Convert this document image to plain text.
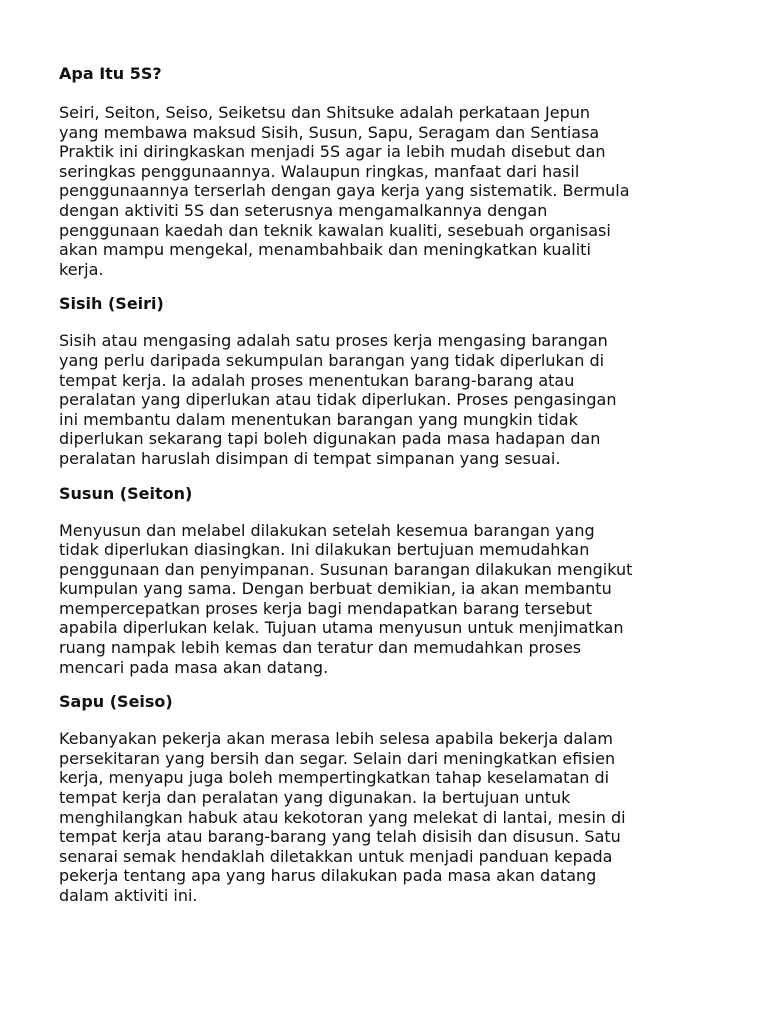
Apa Itu 5S?
Seiri, Seiton, Seiso, Seiketsu dan Shitsuke adalah perkataan Jepun
yang membawa maksud Sisih, Susun, Sapu, Seragam dan Sentiasa
Praktik ini diringkaskan menjadi 5S agar ia lebih mudah disebut dan
seringkas penggunaannya. Walaupun ringkas, manfaat dari hasil
penggunaannya terserlah dengan gaya kerja yang sistematik. Bermula
dengan aktiviti 5S dan seterusnya mengamalkannya dengan
penggunaan kaedah dan teknik kawalan kualiti, sesebuah organisasi
akan mampu mengekal, menambahbaik dan meningkatkan kualiti
kerja.
Sisih (Seiri)
Sisih atau mengasing adalah satu proses kerja mengasing barangan
yang perlu daripada sekumpulan barangan yang tidak diperlukan di
tempat kerja. Ia adalah proses menentukan barang-barang atau
peralatan yang diperlukan atau tidak diperlukan. Proses pengasingan
ini membantu dalam menentukan barangan yang mungkin tidak
diperlukan sekarang tapi boleh digunakan pada masa hadapan dan
peralatan haruslah disimpan di tempat simpanan yang sesuai.
Susun (Seiton)
Menyusun dan melabel dilakukan setelah kesemua barangan yang
tidak diperlukan diasingkan. Ini dilakukan bertujuan memudahkan
penggunaan dan penyimpanan. Susunan barangan dilakukan mengikut
kumpulan yang sama. Dengan berbuat demikian, ia akan membantu
mempercepatkan proses kerja bagi mendapatkan barang tersebut
apabila diperlukan kelak. Tujuan utama menyusun untuk menjimatkan
ruang nampak lebih kemas dan teratur dan memudahkan proses
mencari pada masa akan datang.
Sapu (Seiso)
Kebanyakan pekerja akan merasa lebih selesa apabila bekerja dalam
persekitaran yang bersih dan segar. Selain dari meningkatkan efisien
kerja, menyapu juga boleh mempertingkatkan tahap keselamatan di
tempat kerja dan peralatan yang digunakan. Ia bertujuan untuk
menghilangkan habuk atau kekotoran yang melekat di lantai, mesin di
tempat kerja atau barang-barang yang telah disisih dan disusun. Satu
senarai semak hendaklah diletakkan untuk menjadi panduan kepada
pekerja tentang apa yang harus dilakukan pada masa akan datang
dalam aktiviti ini.
